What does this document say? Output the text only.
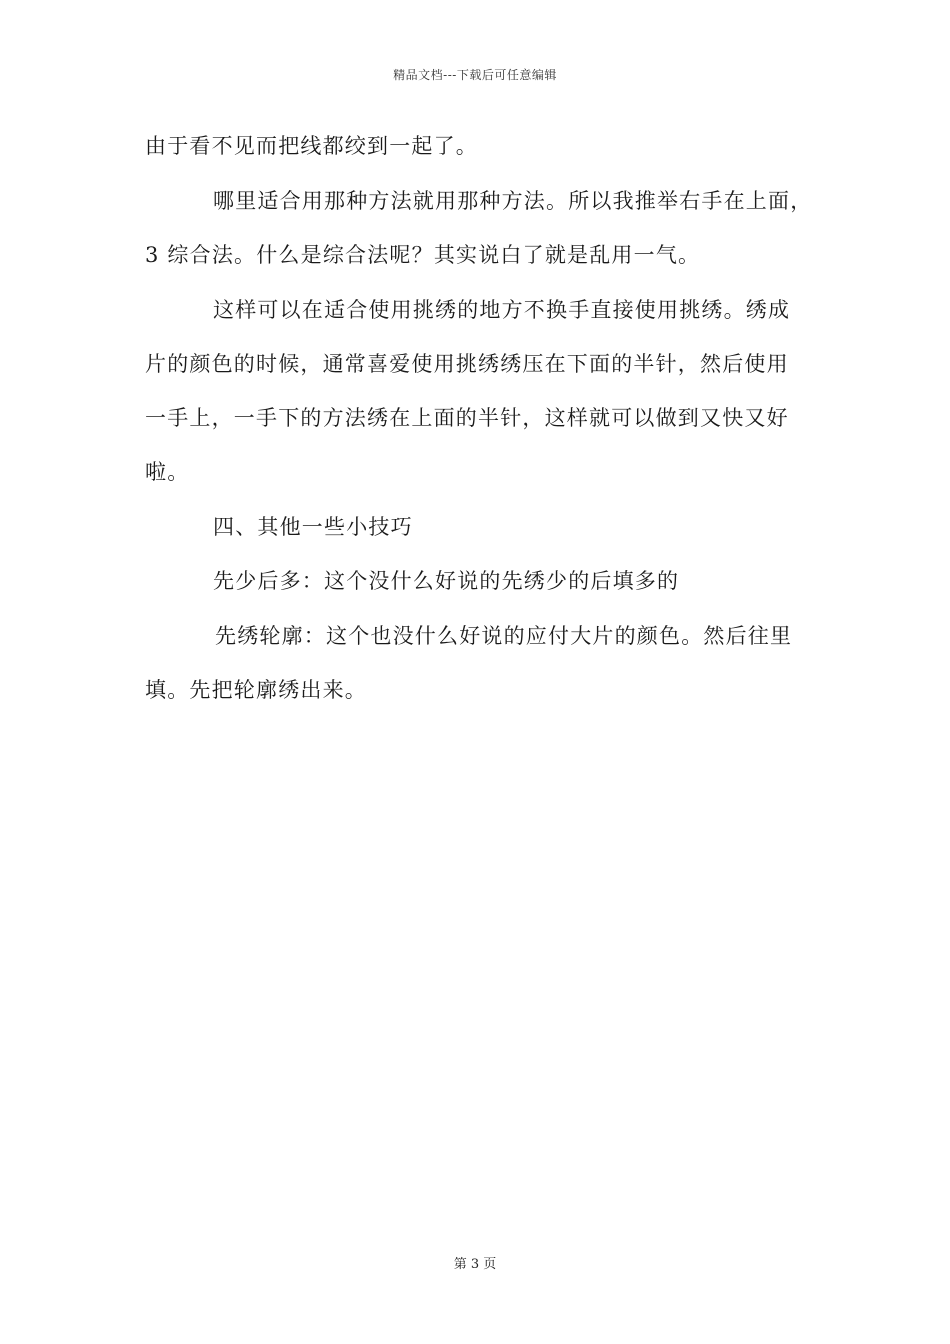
精品文档---下载后可任意编辑
由于看不见而把线都绞到一起了。
哪里适合用那种方法就用那种方法。所以我推举右手在上面，
3 综合法。什么是综合法呢？其实说白了就是乱用一气。
这样可以在适合使用挑绣的地方不换手直接使用挑绣。绣成
片的颜色的时候，通常喜爱使用挑绣绣压在下面的半针，然后使用
一手上，一手下的方法绣在上面的半针，这样就可以做到又快又好
啦。
四、其他一些小技巧
先少后多：这个没什么好说的先绣少的后填多的
先绣轮廓：这个也没什么好说的应付大片的颜色。然后往里
填。先把轮廓绣出来。
第 3 页
